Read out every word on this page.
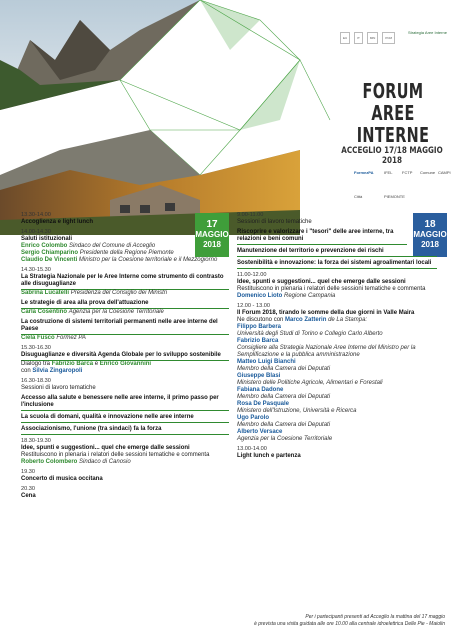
EU	IT	MIN	PCM
Strategia Aree Interne
FORUM
AREE INTERNE
ACCEGLIO 17/18 MAGGIO 2018
FormezPA	IFEL FCTP Comune CAMPI
Città	PIEMONTE
17
MAGGIO
2018
18
MAGGIO
2018
13.30-14.00
Accoglienza e light lunch
14.00-14.30
Saluti istituzionali
Enrico Colombo Sindaco del Comune di Acceglio
Sergio Chiamparino Presidente della Regione Piemonte
Claudio De Vincenti Ministro per la Coesione territoriale e il Mezzogiorno
14.30-15.30
La Strategia Nazionale per le Aree Interne come strumento di contrasto alle disuguaglianze
Sabrina Lucatelli Presidenza del Consiglio dei Ministri
Le strategie di area alla prova dell'attuazione
Carla Cosentino Agenzia per la Coesione Territoriale
La costruzione di sistemi territoriali permanenti nelle aree interne del Paese
Ciela Fusco Formez PA
15.30-16.30
Disuguaglianze e diversità Agenda Globale per lo sviluppo sostenibile
Dialogo tra Fabrizio Barca e Enrico Giovannini
con Silvia Zingaropoli
16.30-18.30
Sessioni di lavoro tematiche
Accesso alla salute e benessere nelle aree interne, il primo passo per l'inclusione
La scuola di domani, qualità e innovazione nelle aree interne
Associazionismo, l'unione (tra sindaci) fa la forza
18.30-19.30
Idee, spunti e suggestioni... quel che emerge dalle sessioni
Restituiscono in plenaria i relatori delle sessioni tematiche e commenta Roberto Colombero Sindaco di Canosio
19.30
Concerto di musica occitana
20.30
Cena
9.00-11.00
Sessioni di lavoro tematiche
Riscoprire e valorizzare i "tesori" delle aree interne, tra relazioni e beni comuni
Manutenzione del territorio e prevenzione dei rischi
Sostenibilità e innovazione: la forza dei sistemi agroalimentari locali
11.00-12.00
Idee, spunti e suggestioni... quel che emerge dalle sessioni
Restituiscono in plenaria i relatori delle sessioni tematiche e commenta Domenico Lioto Regione Campania
12.00 - 13.00
Il Forum 2018, tirando le somme della due giorni in Valle Maira
Ne discutono con Marco Zatterin de La Stampa:
Filippo Barbera
Università degli Studi di Torino e Collegio Carlo Alberto
Fabrizio Barca
Consigliere alla Strategia Nazionale Aree Interne del Ministro per la Semplificazione e la pubblica amministrazione
Matteo Luigi Bianchi
Membro della Camera dei Deputati
Giuseppe Blasi
Ministero delle Politiche Agricole, Alimentari e Forestali
Fabiana Dadone
Membro della Camera dei Deputati
Rosa De Pasquale
Ministero dell'Istruzione, Università e Ricerca
Ugo Parolo
Membro della Camera dei Deputati
Alberto Versace
Agenzia per la Coesione Territoriale
13.00-14.00
Light lunch e partenza
Per i partecipanti presenti ad Acceglio la mattina del 17 maggio
è prevista una visita guidata alle ore 10.00 alla centrale idroelettrica Delle Pie - Maiolin
